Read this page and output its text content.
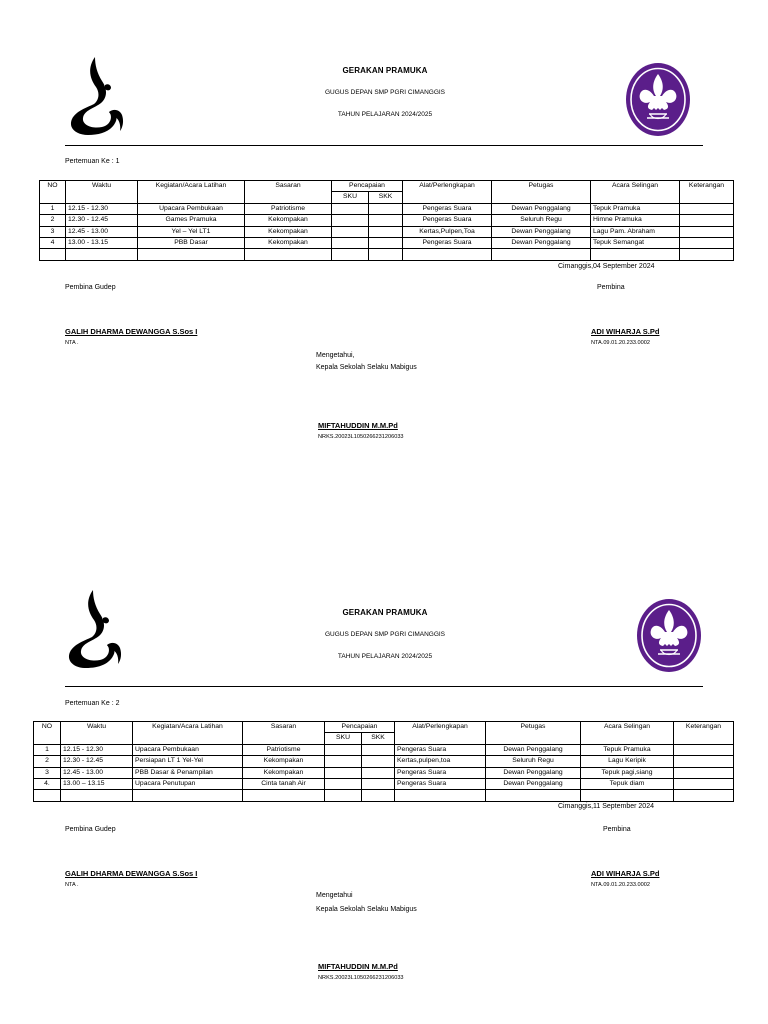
GERAKAN PRAMUKA
GUGUS DEPAN SMP PGRI CIMANGGIS
TAHUN PELAJARAN 2024/2025
Pertemuan Ke : 1
NO	Waktu	Kegiatan/Acara Latihan	Sasaran	Pencapaian		Alat/Perlengkapan	Petugas	Acara Selingan	Keterangan
				SKU	SKK				
1	12.15 - 12.30	Upacara Pembukaan	Patriotisme			Pengeras Suara	Dewan Penggalang	Tepuk Pramuka	
2	12.30 - 12.45	Games Pramuka	Kekompakan			Pengeras Suara	Seluruh Regu	Himne Pramuka	
3	12.45 - 13.00	Yel – Yel LT1	Kekompakan			Kertas,Pulpen,Toa	Dewan Penggalang	Lagu Pam. Abraham	
4	13.00 - 13.15	PBB Dasar	Kekompakan			Pengeras Suara	Dewan Penggalang	Tepuk Semangat	

Cimanggis,04 September 2024
Pembina Gudep	Pembina
GALIH DHARMA DEWANGGA S.Sos I
NTA .
ADI WIHARJA S.Pd
NTA.09.01.20.233.0002
Mengetahui,
Kepala Sekolah Selaku Mabigus
MIFTAHUDDIN M.M.Pd
NRKS.20023L1050266231206033
GERAKAN PRAMUKA
GUGUS DEPAN SMP PGRI CIMANGGIS
TAHUN PELAJARAN 2024/2025
Pertemuan Ke : 2
NO	Waktu	Kegiatan/Acara Latihan	Sasaran	Pencapaian		Alat/Perlengkapan	Petugas	Acara Selingan	Keterangan
				SKU	SKK				
1	12.15 - 12.30	Upacara Pembukaan	Patriotisme			Pengeras Suara	Dewan Penggalang	Tepuk Pramuka	
2	12.30 - 12.45	Persiapan LT 1 Yel-Yel	Kekompakan			Kertas,pulpen,toa	Seluruh Regu	Lagu Keripik	
3	12.45 - 13.00	PBB Dasar & Penampilan	Kekompakan			Pengeras Suara	Dewan Penggalang	Tepuk pagi,siang	
4.	13.00 – 13.15	Upacara Penutupan	Cinta tanah Air			Pengeras Suara	Dewan Penggalang	Tepuk diam	

Cimanggis,11 September 2024
Pembina Gudep	Pembina
GALIH DHARMA DEWANGGA S.Sos I
NTA .
ADI WIHARJA S.Pd
NTA.09.01.20.233.0002
Mengetahui
Kepala Sekolah Selaku Mabigus
MIFTAHUDDIN M.M.Pd
NRKS.20023L1050266231206033
